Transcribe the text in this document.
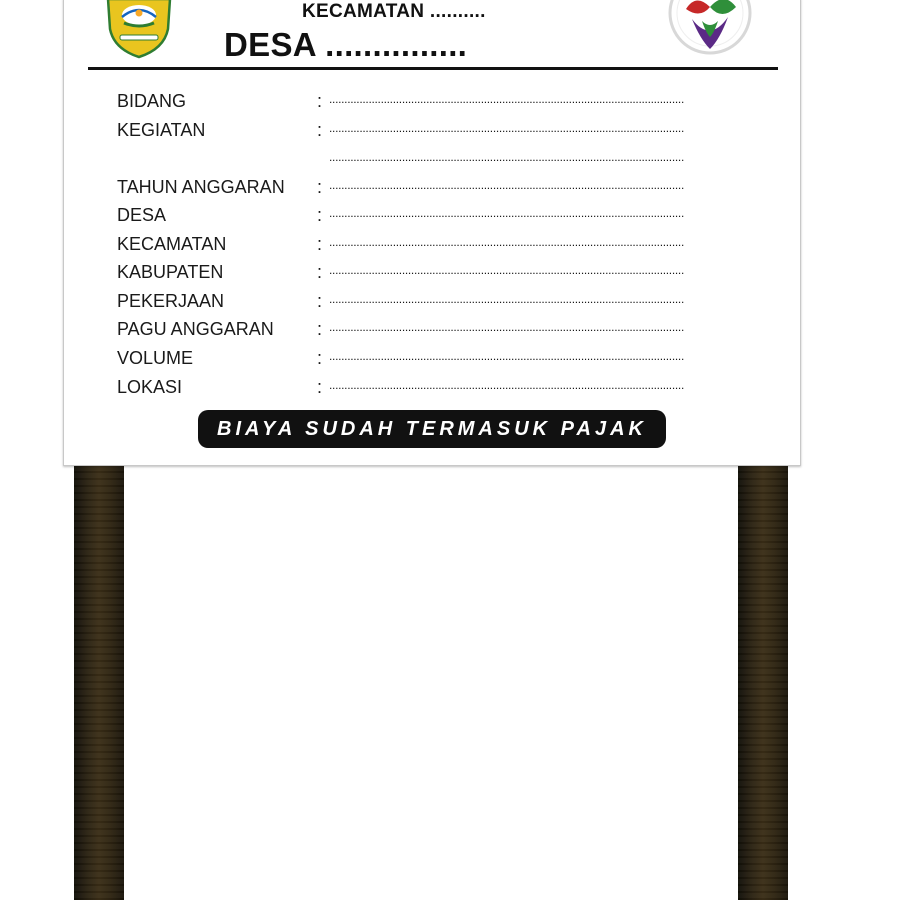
KECAMATAN ..........
DESA ...............
BIDANG	: .....................................................................................................................
KEGIATAN	: .....................................................................................................................
.....................................................................................................................
TAHUN ANGGARAN : .....................................................................................................................
DESA	: .....................................................................................................................
KECAMATAN	: .....................................................................................................................
KABUPATEN	: .....................................................................................................................
PEKERJAAN	: .....................................................................................................................
PAGU ANGGARAN : .....................................................................................................................
VOLUME	: .....................................................................................................................
LOKASI	: .....................................................................................................................
BIAYA SUDAH TERMASUK PAJAK
